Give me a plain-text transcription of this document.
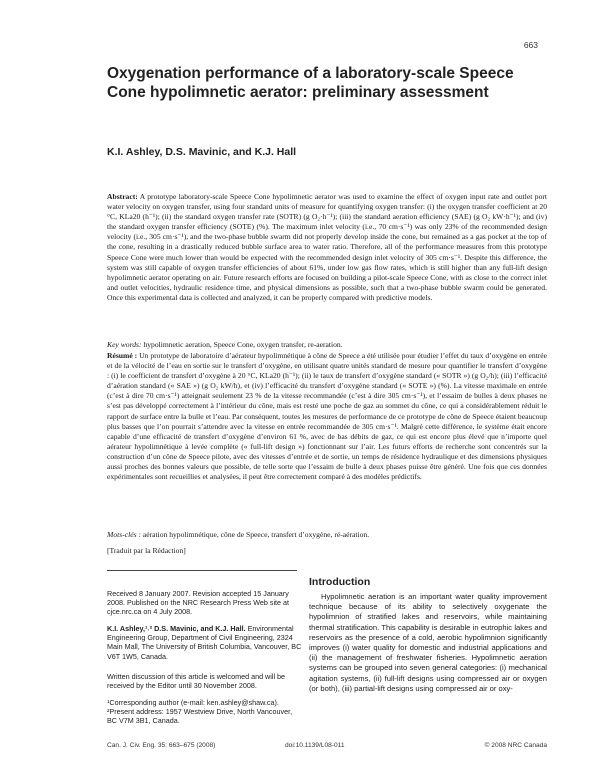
663
Oxygenation performance of a laboratory-scale Speece Cone hypolimnetic aerator: preliminary assessment
K.I. Ashley, D.S. Mavinic, and K.J. Hall
Abstract: A prototype laboratory-scale Speece Cone hypolimnetic aerator was used to examine the effect of oxygen input rate and outlet port water velocity on oxygen transfer, using four standard units of measure for quantifying oxygen transfer: (i) the oxygen transfer coefficient at 20 °C, KLa20 (h⁻¹); (ii) the standard oxygen transfer rate (SOTR) (g O₂·h⁻¹); (iii) the standard aeration efficiency (SAE) (g O₂ kW·h⁻¹); and (iv) the standard oxygen transfer efficiency (SOTE) (%). The maximum inlet velocity (i.e., 70 cm·s⁻¹) was only 23% of the recommended design velocity (i.e., 305 cm·s⁻¹), and the two-phase bubble swarm did not properly develop inside the cone, but remained as a gas pocket at the top of the cone, resulting in a drastically reduced bubble surface area to water ratio. Therefore, all of the performance measures from this prototype Speece Cone were much lower than would be expected with the recommended design inlet velocity of 305 cm·s⁻¹. Despite this difference, the system was still capable of oxygen transfer efficiencies of about 61%, under low gas flow rates, which is still higher than any full-lift design hypolimnetic aerator operating on air. Future research efforts are focused on building a pilot-scale Speece Cone, with as close to the correct inlet and outlet velocities, hydraulic residence time, and physical dimensions as possible, such that a two-phase bubble swarm could be generated. Once this experimental data is collected and analyzed, it can be properly compared with predictive models.
Key words: hypolimnetic aeration, Speece Cone, oxygen transfer, re-aeration.
Résumé : Un prototype de laboratoire d’aérateur hypolimnétique à cône de Speece a été utilisée pour étudier l’effet du taux d’oxygène en entrée et de la vélocité de l’eau en sortie sur le transfert d’oxygène, en utilisant quatre unités standard de mesure pour quantifier le transfert d’oxygène : (i) le coefficient de transfert d’oxygène à 20 °C, KLa20 (h⁻¹); (ii) le taux de transfert d’oxygène standard (« SOTR ») (g O₂/h); (iii) l’efficacité d’aération standard (« SAE ») (g O₂ kW/h), et (iv) l’efficacité du transfert d’oxygène standard (« SOTE ») (%). La vitesse maximale en entrée (c’est à dire 70 cm·s⁻¹) atteignait seulement 23 % de la vitesse recommandée (c’est à dire 305 cm·s⁻¹), et l’essaim de bulles à deux phases ne s’est pas développé correctement à l’intérieur du cône, mais est resté une poche de gaz au sommet du cône, ce qui a considérablement réduit le rapport de surface entre la bulle et l’eau. Par conséquent, toutes les mesures de performance de ce prototype de cône de Speece étaient beaucoup plus basses que l’on pourrait s’attendre avec la vitesse en entrée recommandée de 305 cm·s⁻¹. Malgré cette différence, le système était encore capable d’une efficacité de transfert d’oxygène d’environ 61 %, avec de bas débits de gaz, ce qui est encore plus élevé que n’importe quel aérateur hypolimnétique à levée complète (« full-lift design ») fonctionnant sur l’air. Les futurs efforts de recherche sont concentrés sur la construction d’un cône de Speece pilote, avec des vitesses d’entrée et de sortie, un temps de résidence hydraulique et des dimensions physiques aussi proches des bonnes valeurs que possible, de telle sorte que l’essaim de bulle à deux phases puisse être généré. Une fois que ces données expérimentales sont recueillies et analysées, il peut être correctement comparé à des modèles prédictifs.
Mots-clés : aération hypolimnétique, cône de Speece, transfert d’oxygène, ré-aération.
[Traduit par la Rédaction]
Received 8 January 2007. Revision accepted 15 January 2008. Published on the NRC Research Press Web site at cjce.nrc.ca on 4 July 2008.
K.I. Ashley,¹˒² D.S. Mavinic, and K.J. Hall. Environmental Engineering Group, Department of Civil Engineering, 2324 Main Mall, The University of British Columbia, Vancouver, BC V6T 1W5, Canada.
Written discussion of this article is welcomed and will be received by the Editor until 30 November 2008.

¹Corresponding author (e-mail: ken.ashley@shaw.ca).

²Present address: 1957 Westview Drive, North Vancouver, BC V7M 3B1, Canada.

Introduction
Hypolimnetic aeration is an important water quality improvement technique because of its ability to selectively oxygenate the hypolimnion of stratified lakes and reservoirs, while maintaining thermal stratification. This capability is desirable in eutrophic lakes and reservoirs as the presence of a cold, aerobic hypolimnion significantly improves (i) water quality for domestic and industrial applications and (ii) the management of freshwater fisheries. Hypolimnetic aeration systems can be grouped into seven general categories: (i) mechanical agitation systems, (ii) full-lift designs using compressed air or oxygen (or both), (iii) partial-lift designs using compressed air or oxy-
Can. J. Civ. Eng. 35: 663–675 (2008)	doi:10.1139/L08-011	© 2008 NRC Canada
